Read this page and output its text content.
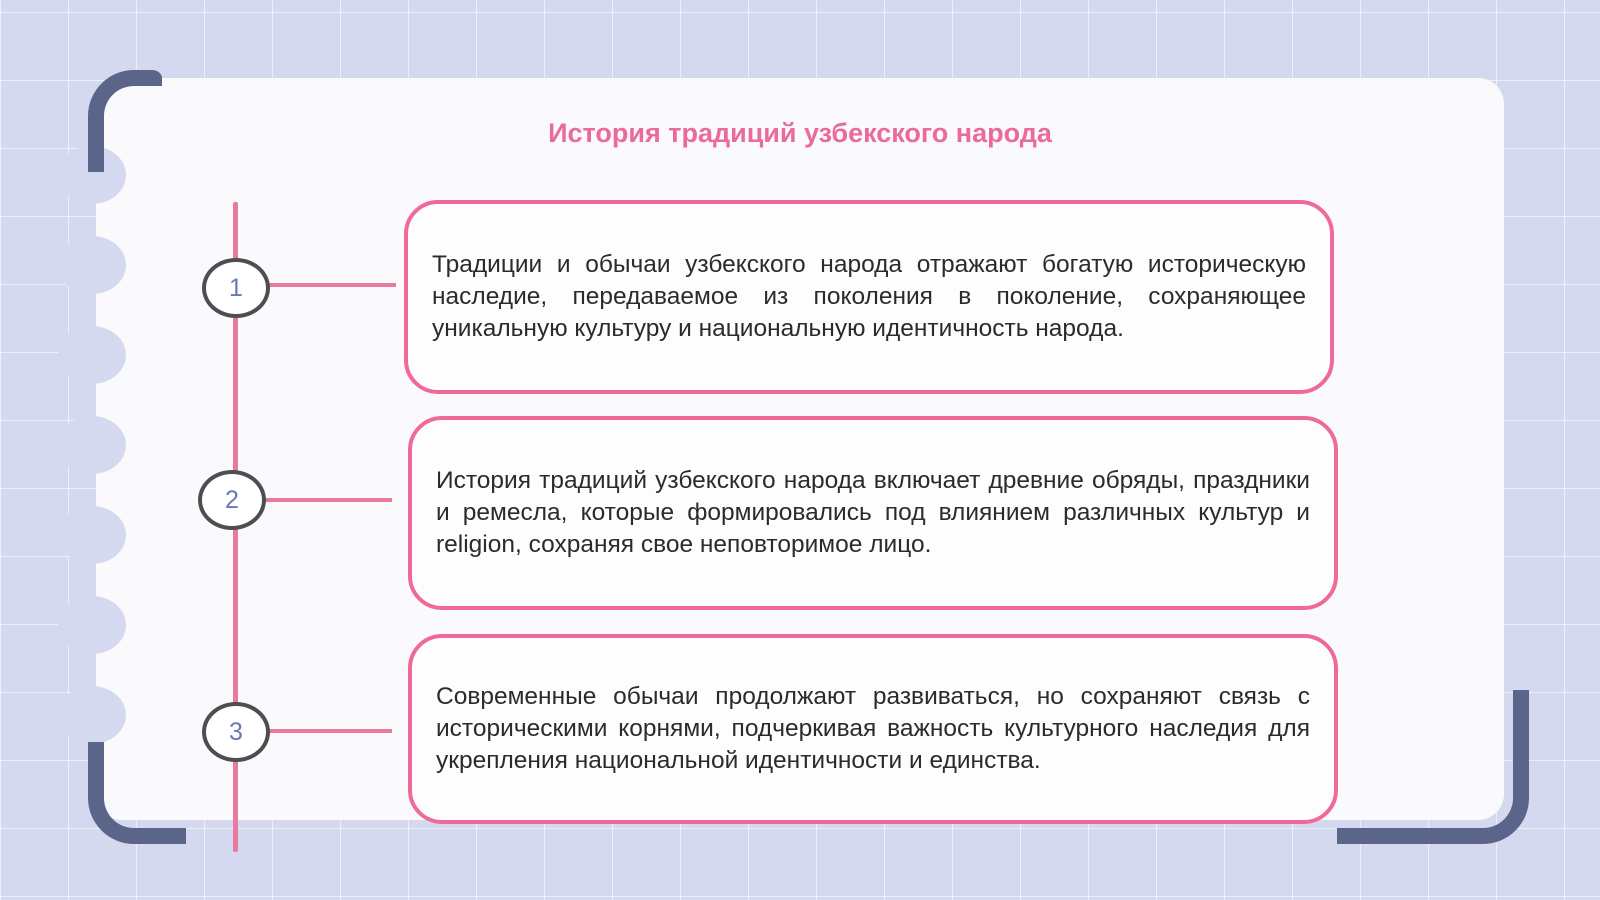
История традиций узбекского народа
1
Традиции и обычаи узбекского народа отражают богатую историческую наследие, передаваемое из поколения в поколение, сохраняющее уникальную культуру и национальную идентичность народа.
2
История традиций узбекского народа включает древние обряды, праздники и ремесла, которые формировались под влиянием различных культур и religion, сохраняя свое неповторимое лицо.
3
Современные обычаи продолжают развиваться, но сохраняют связь с историческими корнями, подчеркивая важность культурного наследия для укрепления национальной идентичности и единства.
